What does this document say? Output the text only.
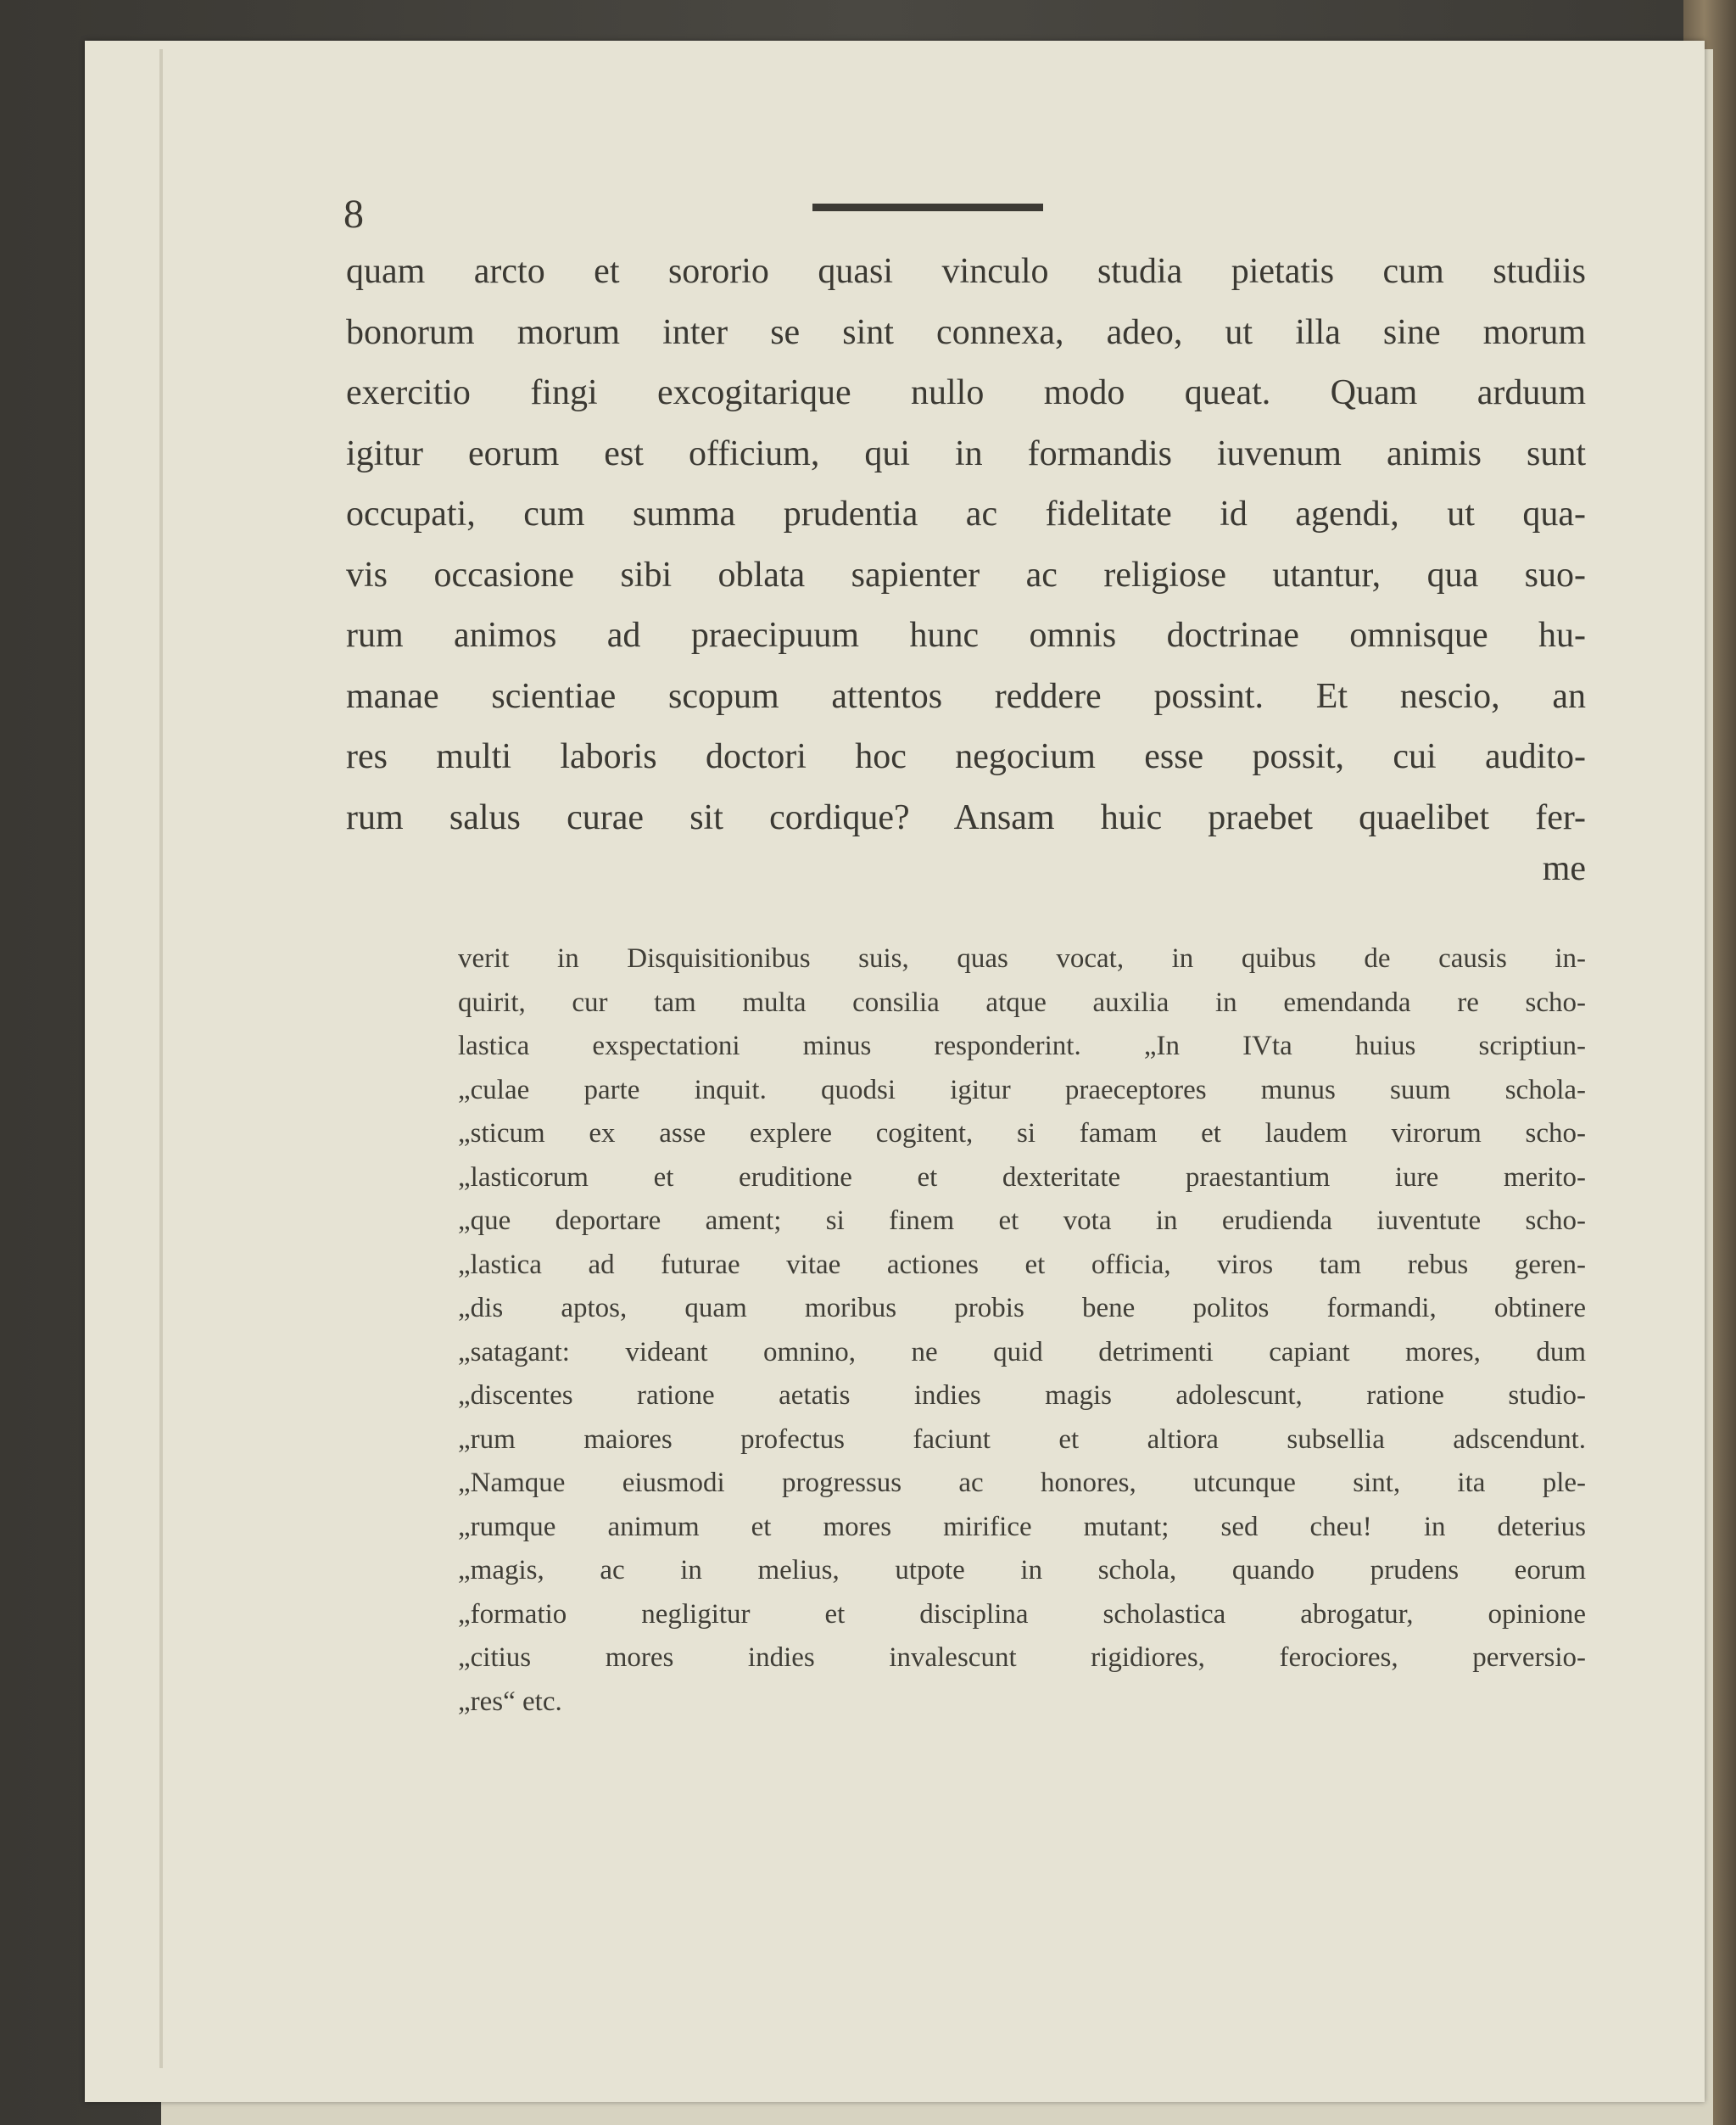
8

quam arcto et sororio quasi vinculo studia pietatis cum studiis
bonorum morum inter se sint connexa, adeo, ut illa sine morum
exercitio fingi excogitarique nullo modo queat. Quam arduum
igitur eorum est officium, qui in formandis iuvenum animis sunt
occupati, cum summa prudentia ac fidelitate id agendi, ut qua-
vis occasione sibi oblata sapienter ac religiose utantur, qua suo-
rum animos ad praecipuum hunc omnis doctrinae omnisque hu-
manae scientiae scopum attentos reddere possint. Et nescio, an
res multi laboris doctori hoc negocium esse possit, cui audito-
rum salus curae sit cordique? Ansam huic praebet quaelibet fer-

me

verit in Disquisitionibus suis, quas vocat, in quibus de causis in-
quirit, cur tam multa consilia atque auxilia in emendanda re scho-
lastica exspectationi minus responderint. „In IVta huius scriptiun-
„culae parte inquit. quodsi igitur praeceptores munus suum schola-
„sticum ex asse explere cogitent, si famam et laudem virorum scho-
„lasticorum et eruditione et dexteritate praestantium iure merito-
„que deportare ament; si finem et vota in erudienda iuventute scho-
„lastica ad futurae vitae actiones et officia, viros tam rebus geren-
„dis aptos, quam moribus probis bene politos formandi, obtinere
„satagant: videant omnino, ne quid detrimenti capiant mores, dum
„discentes ratione aetatis indies magis adolescunt, ratione studio-
„rum maiores profectus faciunt et altiora subsellia adscendunt.
„Namque eiusmodi progressus ac honores, utcunque sint, ita ple-
„rumque animum et mores mirifice mutant; sed cheu! in deterius
„magis, ac in melius, utpote in schola, quando prudens eorum
„formatio negligitur et disciplina scholastica abrogatur, opinione
„citius mores indies invalescunt rigidiores, ferociores, perversio-
„res“ etc.
